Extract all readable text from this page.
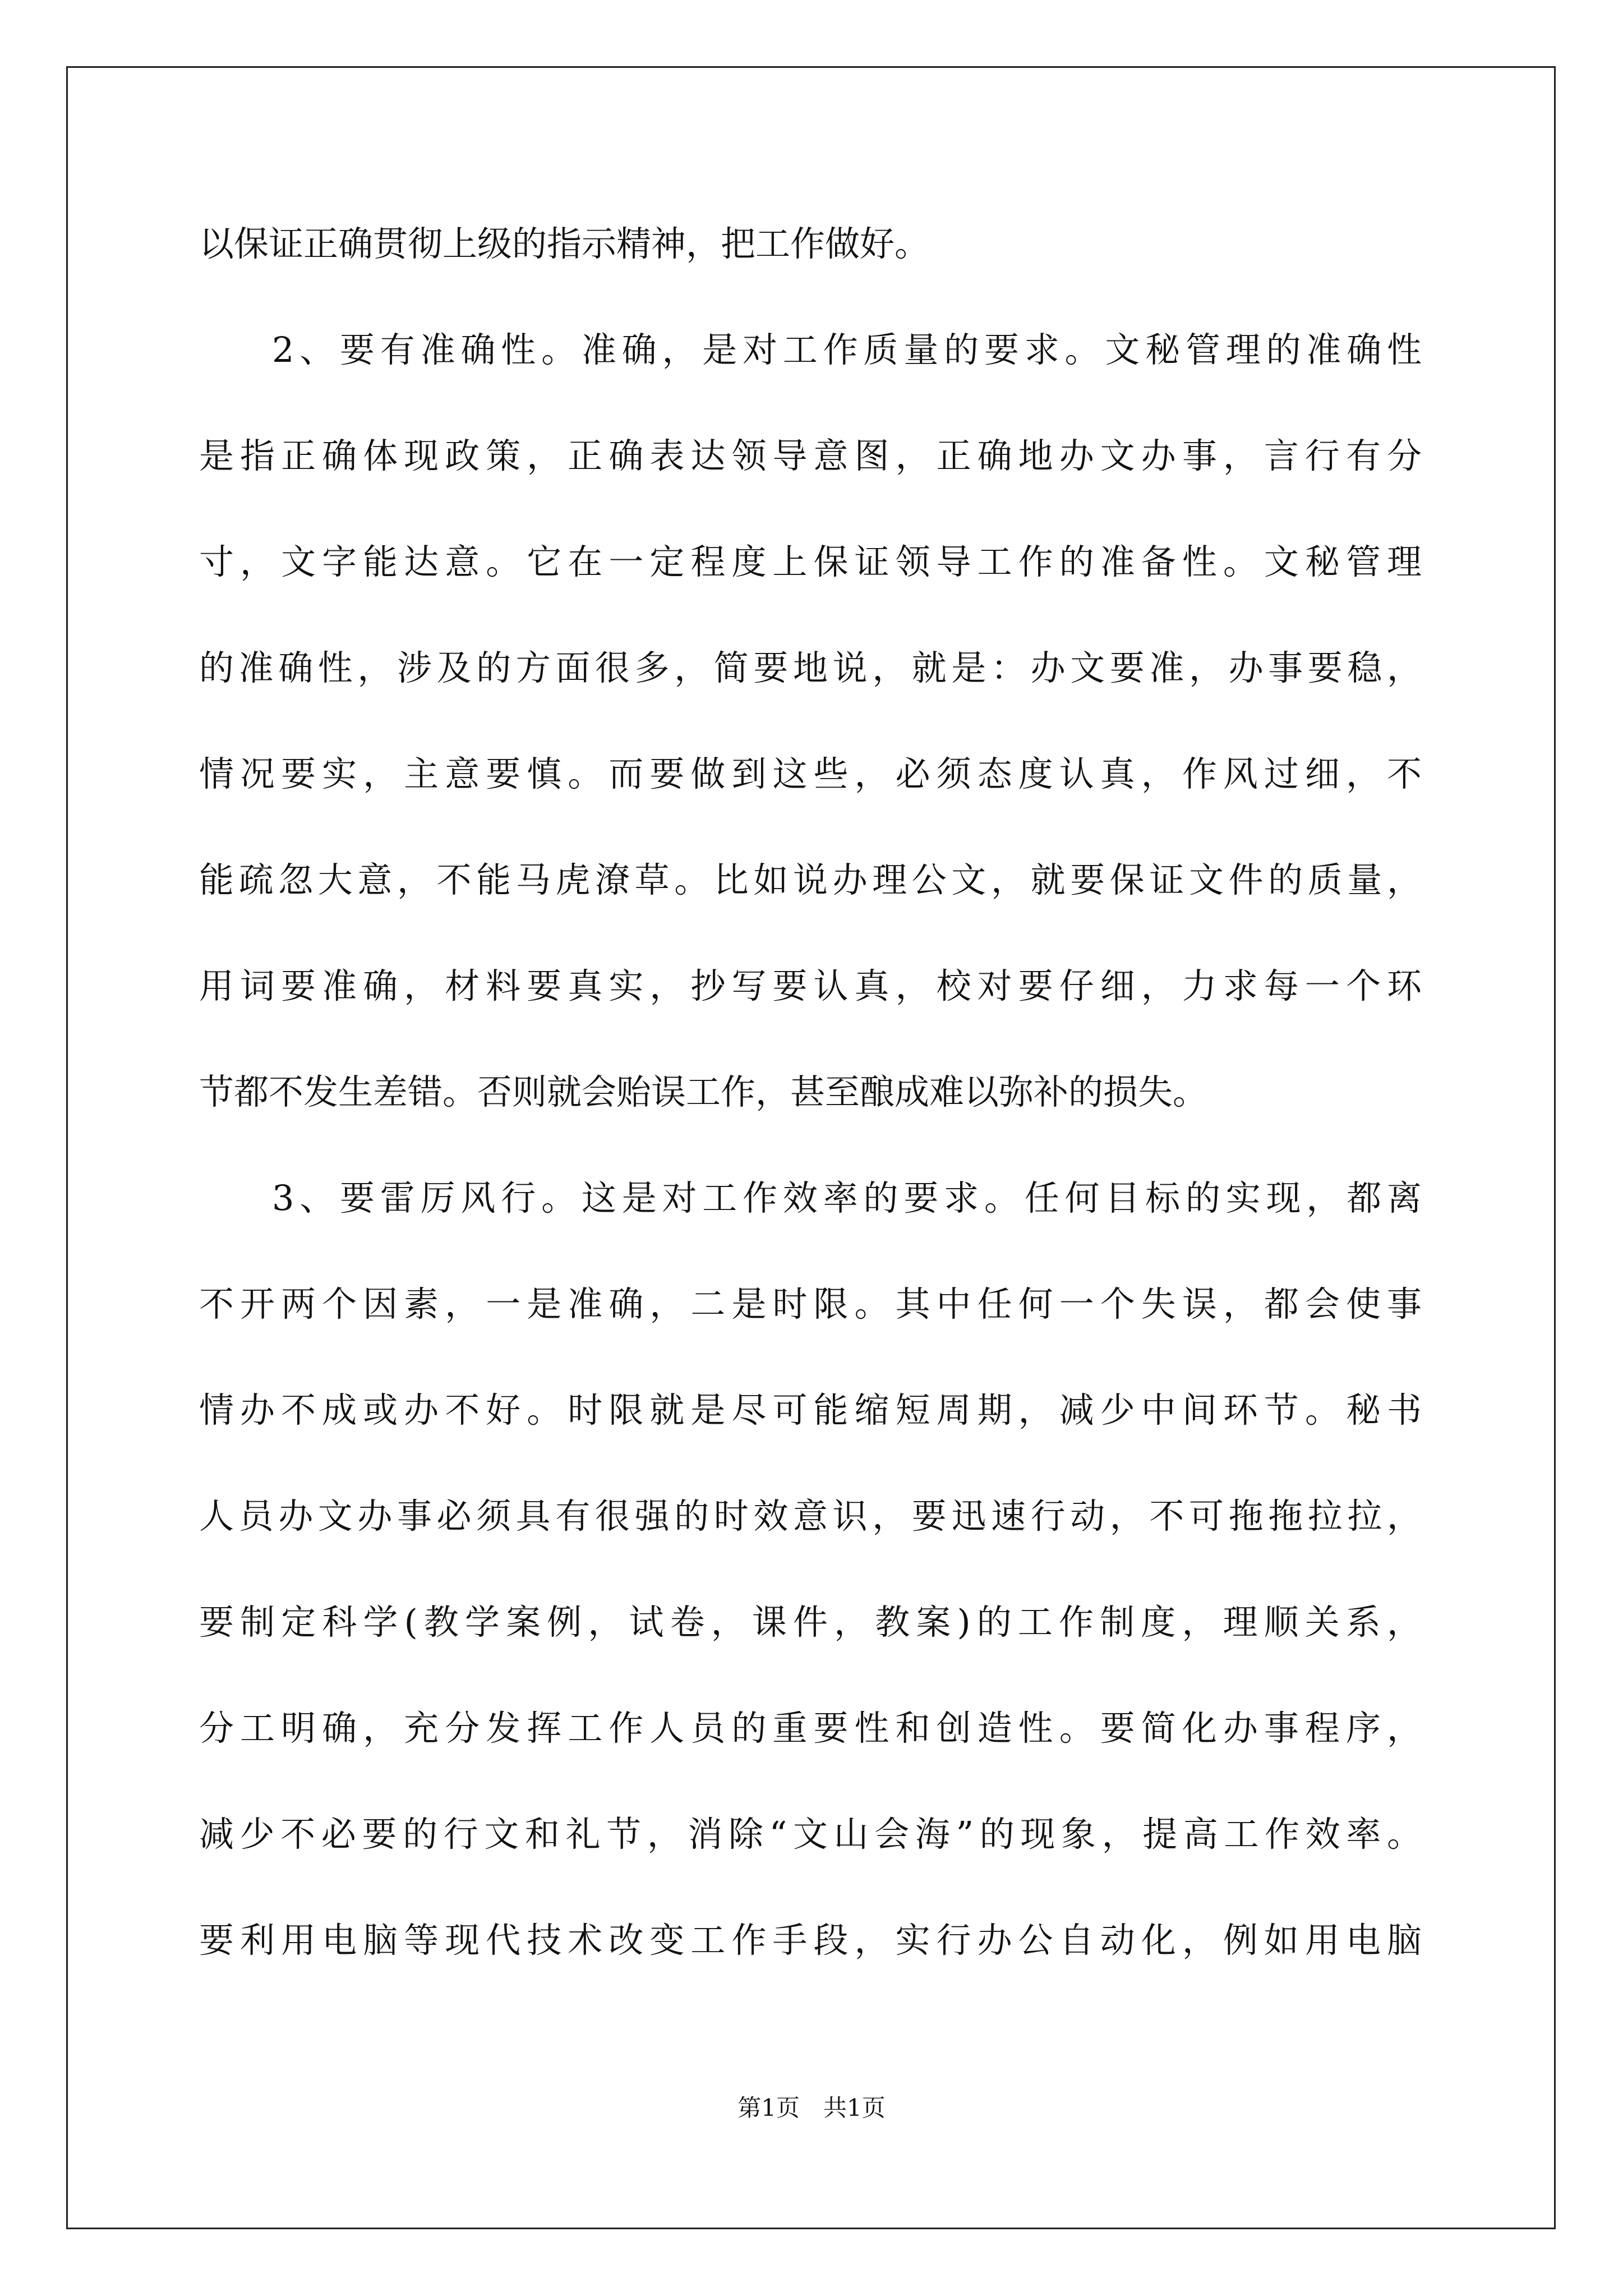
以保证正确贯彻上级的指示精神，把工作做好。
2、要有准确性。准确，是对工作质量的要求。文秘管理的准确性
是指正确体现政策，正确表达领导意图，正确地办文办事，言行有分
寸，文字能达意。它在一定程度上保证领导工作的准备性。文秘管理
的准确性，涉及的方面很多，简要地说，就是：办文要准，办事要稳，
情况要实，主意要慎。而要做到这些，必须态度认真，作风过细，不
能疏忽大意，不能马虎潦草。比如说办理公文，就要保证文件的质量，
用词要准确，材料要真实，抄写要认真，校对要仔细，力求每一个环
节都不发生差错。否则就会贻误工作，甚至酿成难以弥补的损失。
3、要雷厉风行。这是对工作效率的要求。任何目标的实现，都离
不开两个因素，一是准确，二是时限。其中任何一个失误，都会使事
情办不成或办不好。时限就是尽可能缩短周期，减少中间环节。秘书
人员办文办事必须具有很强的时效意识，要迅速行动，不可拖拖拉拉，
要制定科学(教学案例，试卷，课件，教案)的工作制度，理顺关系，
分工明确，充分发挥工作人员的重要性和创造性。要简化办事程序，
减少不必要的行文和礼节，消除“文山会海”的现象，提高工作效率。
要利用电脑等现代技术改变工作手段，实行办公自动化，例如用电脑
第1页 共1页
